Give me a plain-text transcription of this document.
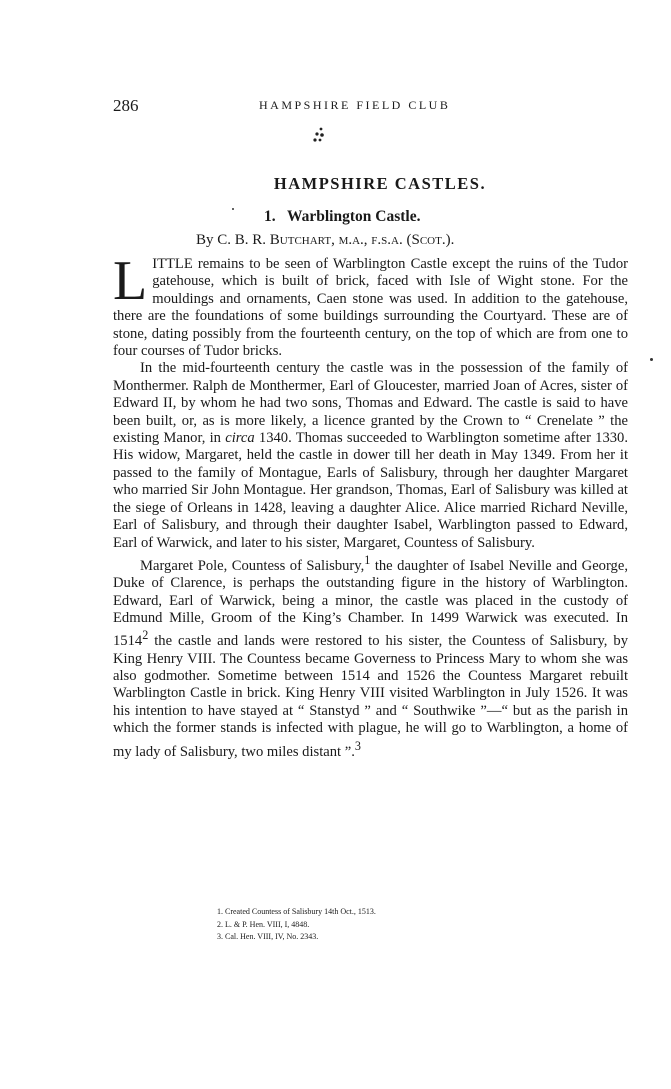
286	HAMPSHIRE FIELD CLUB
HAMPSHIRE CASTLES.
1. Warblington Castle.
By C. B. R. Butchart, m.a., f.s.a. (Scot.).

LITTLE remains to be seen of Warblington Castle except the ruins of the Tudor gatehouse, which is built of brick, faced with Isle of Wight stone. For the mouldings and ornaments, Caen stone was used. In addition to the gatehouse, there are the foundations of some buildings surrounding the Courtyard. These are of stone, dating possibly from the fourteenth century, on the top of which are from one to four courses of Tudor bricks.

In the mid-fourteenth century the castle was in the possession of the family of Monthermer. Ralph de Monthermer, Earl of Gloucester, married Joan of Acres, sister of Edward II, by whom he had two sons, Thomas and Edward. The castle is said to have been built, or, as is more likely, a licence granted by the Crown to “ Crenelate ” the existing Manor, in circa 1340. Thomas succeeded to Warblington sometime after 1330. His widow, Margaret, held the castle in dower till her death in May 1349. From her it passed to the family of Montague, Earls of Salisbury, through her daughter Margaret who married Sir John Montague. Her grandson, Thomas, Earl of Salisbury was killed at the siege of Orleans in 1428, leaving a daughter Alice. Alice married Richard Neville, Earl of Salisbury, and through their daughter Isabel, Warblington passed to Edward, Earl of Warwick, and later to his sister, Margaret, Countess of Salisbury.

Margaret Pole, Countess of Salisbury,$^1$ the daughter of Isabel Neville and George, Duke of Clarence, is perhaps the outstanding figure in the history of Warblington. Edward, Earl of Warwick, being a minor, the castle was placed in the custody of Edmund Mille, Groom of the King’s Chamber. In 1499 Warwick was executed. In 1514$^2$ the castle and lands were restored to his sister, the Countess of Salisbury, by King Henry VIII. The Countess became Governess to Princess Mary to whom she was also godmother. Sometime between 1514 and 1526 the Countess Margaret rebuilt Warblington Castle in brick. King Henry VIII visited Warblington in July 1526. It was his intention to have stayed at “ Stanstyd ” and “ Southwike ”—“ but as the parish in which the former stands is infected with plague, he will go to Warblington, a home of my lady of Salisbury, two miles distant ”.$^3$

1. Created Countess of Salisbury 14th Oct., 1513.
2. L. & P. Hen. VIII, I, 4848.
3. Cal. Hen. VIII, IV, No. 2343.
